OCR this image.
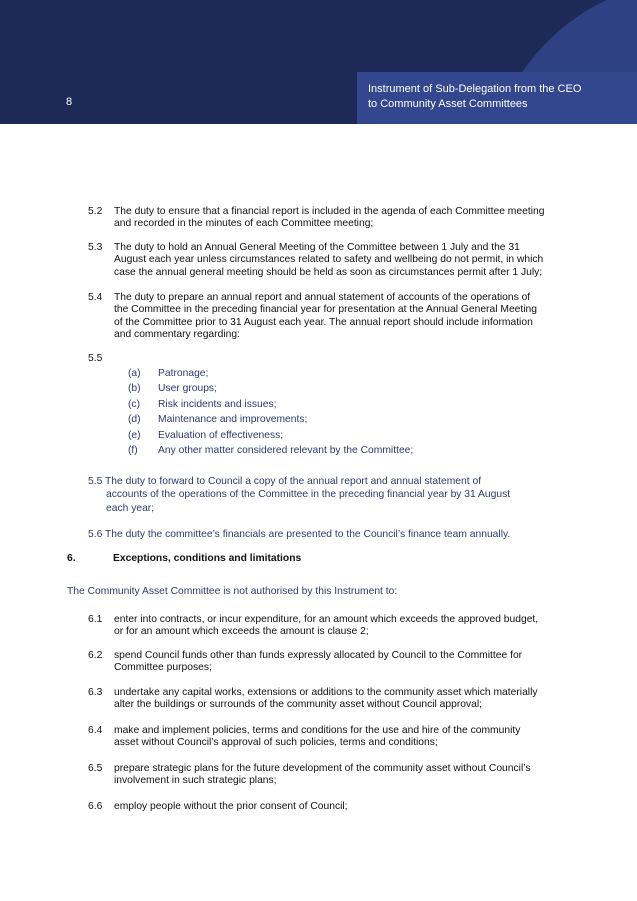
8
Instrument of Sub-Delegation from the CEO
to Community Asset Committees
5.2 The duty to ensure that a financial report is included in the agenda of each Committee meeting
and recorded in the minutes of each Committee meeting;
5.3 The duty to hold an Annual General Meeting of the Committee between 1 July and the 31
August each year unless circumstances related to safety and wellbeing do not permit, in which
case the annual general meeting should be held as soon as circumstances permit after 1 July;
5.4 The duty to prepare an annual report and annual statement of accounts of the operations of
the Committee in the preceding financial year for presentation at the Annual General Meeting
of the Committee prior to 31 August each year. The annual report should include information
and commentary regarding:
5.5
(a) Patronage;
(b) User groups;
(c) Risk incidents and issues;
(d) Maintenance and improvements;
(e) Evaluation of effectiveness;
(f) Any other matter considered relevant by the Committee;
5.5 The duty to forward to Council a copy of the annual report and annual statement of
accounts of the operations of the Committee in the preceding financial year by 31 August
each year;
5.6 The duty the committee’s financials are presented to the Council’s finance team annually.
6.	Exceptions, conditions and limitations
The Community Asset Committee is not authorised by this Instrument to:
6.1 enter into contracts, or incur expenditure, for an amount which exceeds the approved budget,
or for an amount which exceeds the amount is clause 2;
6.2 spend Council funds other than funds expressly allocated by Council to the Committee for
Committee purposes;
6.3 undertake any capital works, extensions or additions to the community asset which materially
alter the buildings or surrounds of the community asset without Council approval;
6.4 make and implement policies, terms and conditions for the use and hire of the community
asset without Council’s approval of such policies, terms and conditions;
6.5 prepare strategic plans for the future development of the community asset without Council’s
involvement in such strategic plans;
6.6 employ people without the prior consent of Council;
